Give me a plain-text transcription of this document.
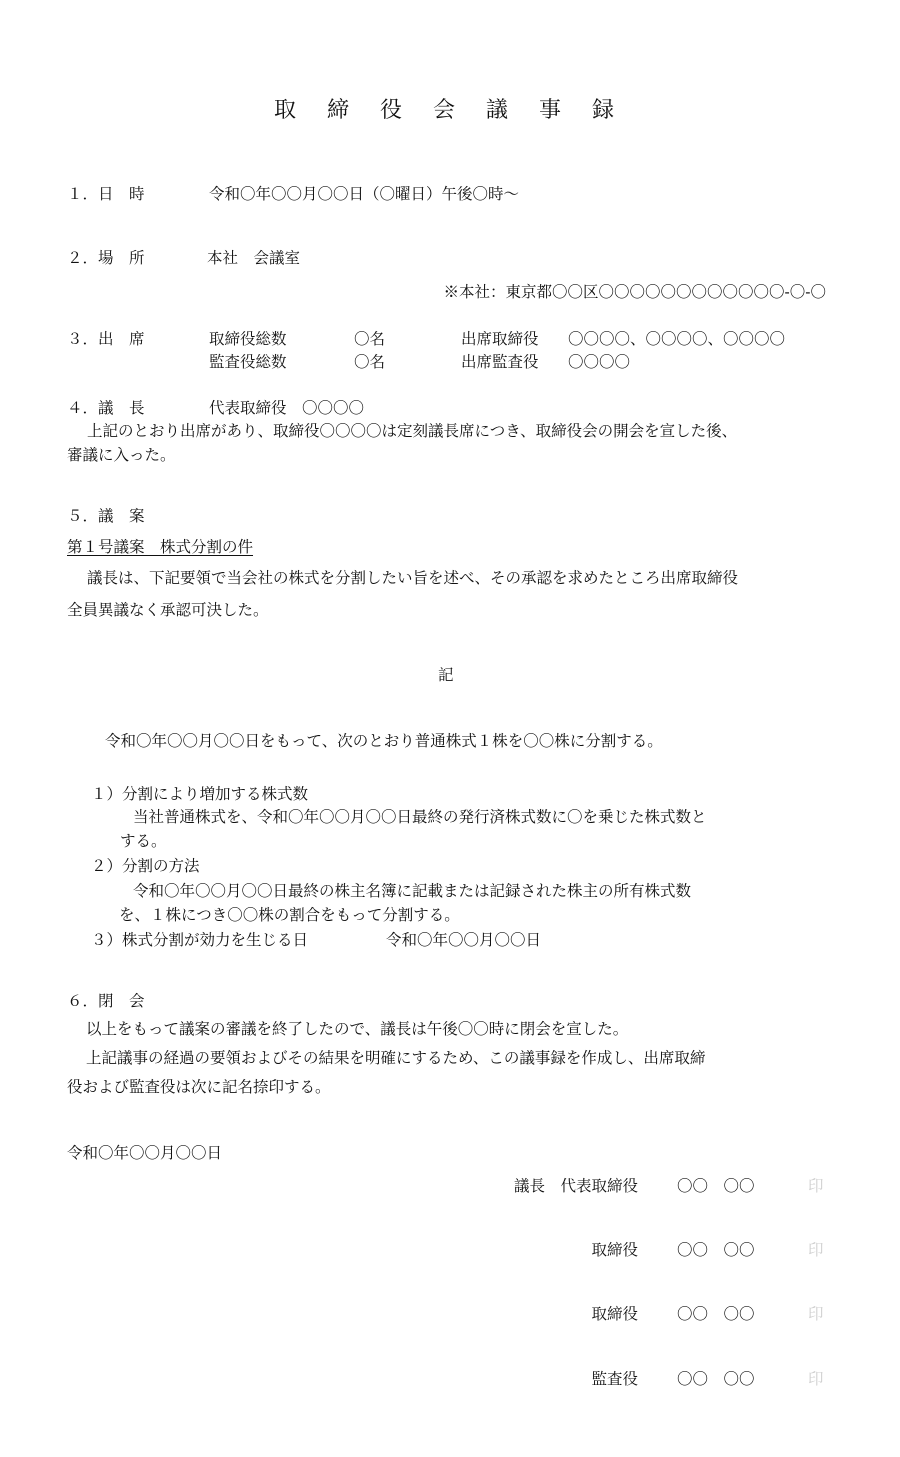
取 締 役 会 議 事 録
１．日　時	令和〇年〇〇月〇〇日（〇曜日）午後〇時～
２．場　所	本社　会議室
※本社：東京都〇〇区〇〇〇〇〇〇〇〇〇〇〇〇-〇-〇
３．出　席	取締役総数	〇名	出席取締役 〇〇〇〇、〇〇〇〇、〇〇〇〇
監査役総数	〇名	出席監査役 〇〇〇〇
４．議　長	代表取締役　〇〇〇〇
上記のとおり出席があり、取締役〇〇〇〇は定刻議長席につき、取締役会の開会を宣した後、
審議に入った。
５．議　案
第１号議案　株式分割の件
議長は、下記要領で当会社の株式を分割したい旨を述べ、その承認を求めたところ出席取締役
全員異議なく承認可決した。
記
令和〇年〇〇月〇〇日をもって、次のとおり普通株式１株を〇〇株に分割する。
１）分割により増加する株式数
当社普通株式を、令和〇年〇〇月〇〇日最終の発行済株式数に〇を乗じた株式数と
する。
２）分割の方法
令和〇年〇〇月〇〇日最終の株主名簿に記載または記録された株主の所有株式数
を、１株につき〇〇株の割合をもって分割する。
３）株式分割が効力を生じる日	令和〇年〇〇月〇〇日
６．閉　会
以上をもって議案の審議を終了したので、議長は午後〇〇時に閉会を宣した。
上記議事の経過の要領およびその結果を明確にするため、この議事録を作成し、出席取締
役および監査役は次に記名捺印する。
令和〇年〇〇月〇〇日
議長　代表取締役	〇〇　〇〇	印
取締役	〇〇　〇〇	印
取締役	〇〇　〇〇	印
監査役	〇〇　〇〇	印
